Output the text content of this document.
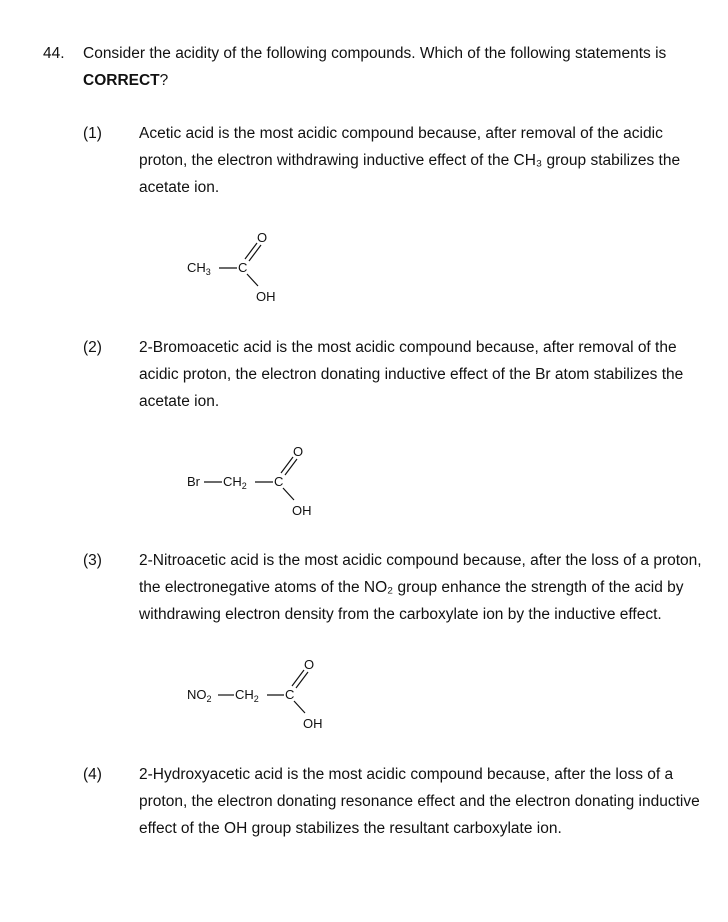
44. Consider the acidity of the following compounds. Which of the following statements is
CORRECT?
(1) Acetic acid is the most acidic compound because, after removal of the acidic
proton, the electron withdrawing inductive effect of the CH₃ group stabilizes the
acetate ion.
$CH_3$ C
O
OH
(2) 2-Bromoacetic acid is the most acidic compound because, after removal of the
acidic proton, the electron donating inductive effect of the Br atom stabilizes the
acetate ion.
Br $CH_2$ C
O
OH
(3) 2-Nitroacetic acid is the most acidic compound because, after the loss of a proton,
the electronegative atoms of the NO₂ group enhance the strength of the acid by
withdrawing electron density from the carboxylate ion by the inductive effect.
$NO_2$ $CH_2$ C
O
OH
(4) 2-Hydroxyacetic acid is the most acidic compound because, after the loss of a
proton, the electron donating resonance effect and the electron donating inductive
effect of the OH group stabilizes the resultant carboxylate ion.
